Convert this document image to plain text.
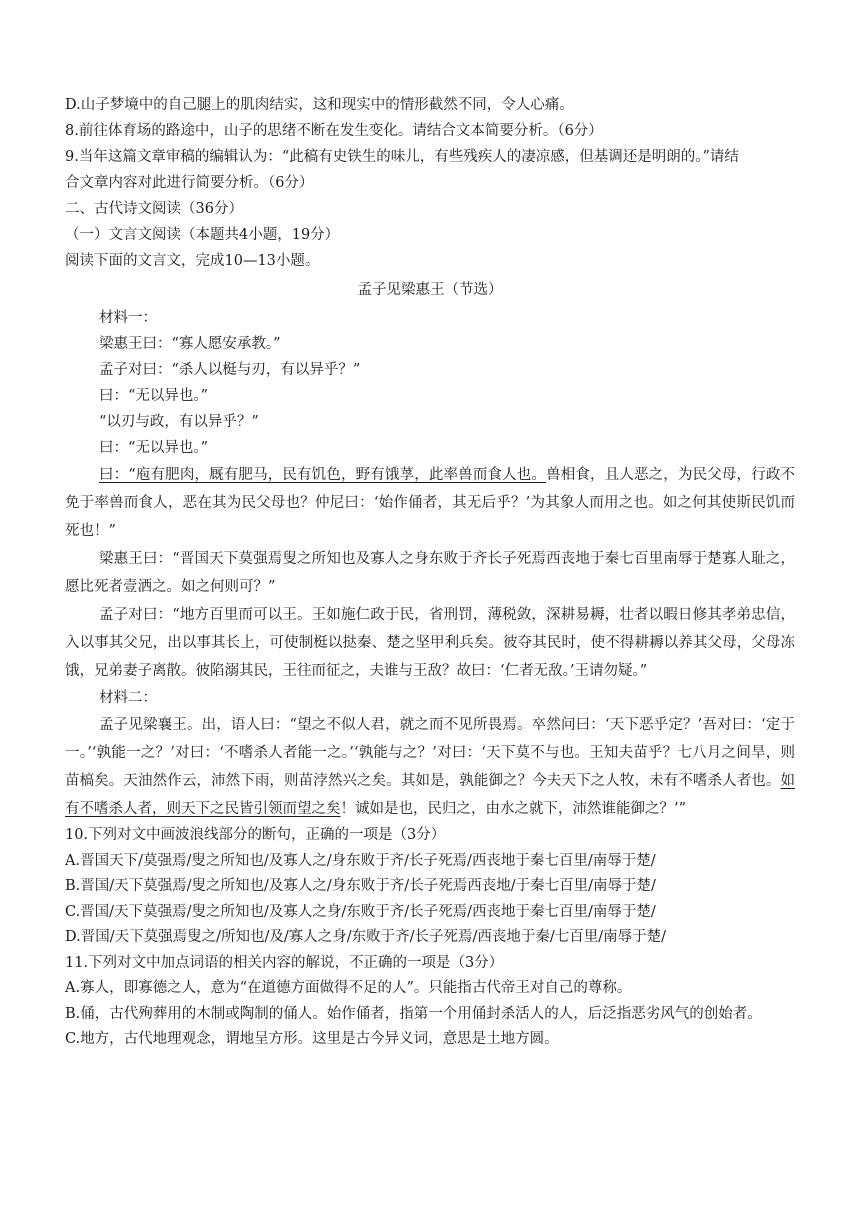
D.山子梦境中的自己腿上的肌肉结实，这和现实中的情形截然不同，令人心痛。
8.前往体育场的路途中，山子的思绪不断在发生变化。请结合文本简要分析。（6分）
9.当年这篇文章审稿的编辑认为：“此稿有史铁生的味儿，有些残疾人的凄凉感，但基调还是明朗的。”请结
合文章内容对此进行简要分析。（6分）
二、古代诗文阅读（36分）
（一）文言文阅读（本题共4小题，19分）
阅读下面的文言文，完成10—13小题。
孟子见梁惠王（节选）
材料一：
梁惠王曰：“寡人愿安承教。”
孟子对曰：“杀人以梃与刃，有以异乎？”
曰：“无以异也。”
“以刃与政，有以异乎？”
曰：“无以异也。”

曰：“庖有肥肉，厩有肥马，民有饥色，野有饿莩，此率兽而食人也。兽相食，且人恶之，为民父母，行政不免于率兽而食人，恶在其为民父母也？仲尼曰：‘始作俑者，其无后乎？’为其象人而用之也。如之何其使斯民饥而死也！”

梁惠王曰：“晋国天下莫强焉叟之所知也及寡人之身东败于齐长子死焉西丧地于秦七百里南辱于楚寡人耻之，愿比死者壹洒之。如之何则可？”

孟子对曰：“地方百里而可以王。王如施仁政于民，省刑罚，薄税敛，深耕易耨，壮者以暇日修其孝弟忠信，入以事其父兄，出以事其长上，可使制梃以挞秦、楚之坚甲利兵矣。彼夺其民时，使不得耕耨以养其父母，父母冻饿，兄弟妻子离散。彼陷溺其民，王往而征之，夫谁与王敌？故曰：‘仁者无敌。’王请勿疑。”

材料二：

孟子见梁襄王。出，语人曰：“望之不似人君，就之而不见所畏焉。卒然问曰：‘天下恶乎定？’吾对曰：‘定于一。’‘孰能一之？’对曰：‘不嗜杀人者能一之。’‘孰能与之？’对曰：‘天下莫不与也。王知夫苗乎？七八月之间旱，则苗槁矣。天油然作云，沛然下雨，则苗浡然兴之矣。其如是，孰能御之？今夫天下之人牧，未有不嗜杀人者也。如有不嗜杀人者，则天下之民皆引领而望之矣！诚如是也，民归之，由水之就下，沛然谁能御之？’”

10.下列对文中画波浪线部分的断句，正确的一项是（3分）
A.晋国天下/莫强焉/叟之所知也/及寡人之/身东败于齐/长子死焉/西丧地于秦七百里/南辱于楚/
B.晋国/天下莫强焉/叟之所知也/及寡人之/身东败于齐/长子死焉西丧地/于秦七百里/南辱于楚/
C.晋国/天下莫强焉/叟之所知也/及寡人之身/东败于齐/长子死焉/西丧地于秦七百里/南辱于楚/
D.晋国/天下莫强焉叟之/所知也/及/寡人之身/东败于齐/长子死焉/西丧地于秦/七百里/南辱于楚/
11.下列对文中加点词语的相关内容的解说，不正确的一项是（3分）
A.寡人，即寡德之人，意为“在道德方面做得不足的人”。只能指古代帝王对自己的尊称。
B.俑，古代殉葬用的木制或陶制的俑人。始作俑者，指第一个用俑封杀活人的人，后泛指恶劣风气的创始者。
C.地方，古代地理观念，谓地呈方形。这里是古今异义词，意思是土地方圆。
